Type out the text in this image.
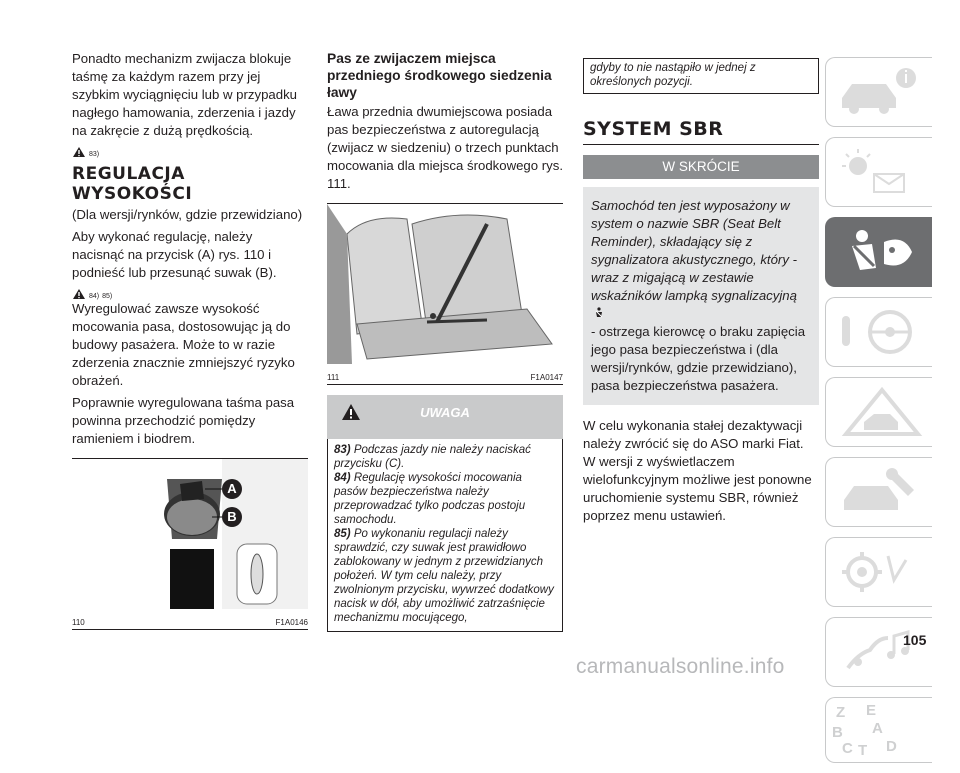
Ponadto mechanizm zwijacza blokuje taśmę za każdym razem przy jej szybkim wyciągnięciu lub w przypadku nagłego hamowania, zderzenia i jazdy na zakręcie z dużą prędkością.

83)
REGULACJA WYSOKOŚCI

(Dla wersji/rynków, gdzie przewidziano)

Aby wykonać regulację, należy nacisnąć na przycisk (A) rys. 110 i podnieść lub przesunąć suwak (B).

84) 85)

Wyregulować zawsze wysokość mocowania pasa, dostosowując ją do budowy pasażera. Może to w razie zderzenia znacznie zmniejszyć ryzyko obrażeń.

Poprawnie wyregulowana taśma pasa powinna przechodzić pomiędzy ramieniem i biodrem.

A
B
110	F1A0146
Pas ze zwijaczem miejsca przedniego środkowego siedzenia ławy

Ława przednia dwumiejscowa posiada pas bezpieczeństwa z autoregulacją (zwijacz w siedzeniu) o trzech punktach mocowania dla miejsca środkowego rys. 111.

111	F1A0147
UWAGA

83) Podczas jazdy nie należy naciskać przycisku (C).

84) Regulację wysokości mocowania pasów bezpieczeństwa należy przeprowadzać tylko podczas postoju samochodu.

85) Po wykonaniu regulacji należy sprawdzić, czy suwak jest prawidłowo zablokowany w jednym z przewidzianych położeń. W tym celu należy, przy zwolnionym przycisku, wywrzeć dodatkowy nacisk w dół, aby umożliwić zatrzaśnięcie mechanizmu mocującego,

gdyby to nie nastąpiło w jednej z określonych pozycji.

SYSTEM SBR
W SKRÓCIE

Samochód ten jest wyposażony w system o nazwie SBR (Seat Belt Reminder), składający się z sygnalizatora akustycznego, który - wraz z migającą w zestawie wskaźników lampką sygnalizacyjną

- ostrzega kierowcę o braku zapięcia jego pasa bezpieczeństwa i (dla wersji/rynków, gdzie przewidziano), pasa bezpieczeństwa pasażera.

W celu wykonania stałej dezaktywacji należy zwrócić się do ASO marki Fiat. W wersji z wyświetlaczem wielofunkcyjnym możliwe jest ponowne uruchomienie systemu SBR, również poprzez menu ustawień.

Z E
B A
C T D
105
carmanualsonline.info
